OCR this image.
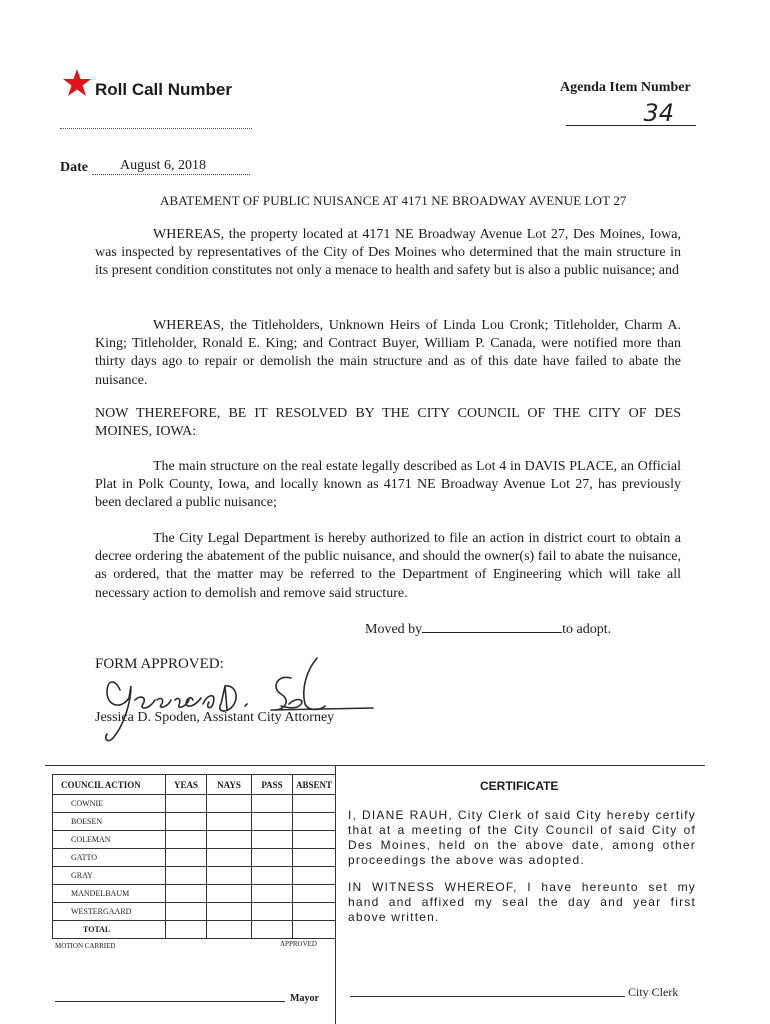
Roll Call Number	Agenda Item Number
34
Date	August 6, 2018
ABATEMENT OF PUBLIC NUISANCE AT 4171 NE BROADWAY AVENUE LOT 27

WHEREAS, the property located at 4171 NE Broadway Avenue Lot 27, Des Moines, Iowa, was inspected by representatives of the City of Des Moines who determined that the main structure in its present condition constitutes not only a menace to health and safety but is also a public nuisance; and

WHEREAS, the Titleholders, Unknown Heirs of Linda Lou Cronk; Titleholder, Charm A. King; Titleholder, Ronald E. King; and Contract Buyer, William P. Canada, were notified more than thirty days ago to repair or demolish the main structure and as of this date have failed to abate the nuisance.

NOW THEREFORE, BE IT RESOLVED BY THE CITY COUNCIL OF THE CITY OF DES MOINES, IOWA:

The main structure on the real estate legally described as Lot 4 in DAVIS PLACE, an Official Plat in Polk County, Iowa, and locally known as 4171 NE Broadway Avenue Lot 27, has previously been declared a public nuisance;

The City Legal Department is hereby authorized to file an action in district court to obtain a decree ordering the abatement of the public nuisance, and should the owner(s) fail to abate the nuisance, as ordered, that the matter may be referred to the Department of Engineering which will take all necessary action to demolish and remove said structure.

Moved by	to adopt.
FORM APPROVED:
Jessica D. Spoden, Assistant City Attorney
COUNCIL ACTION	YEAS	NAYS	PASS	ABSENT
COWNIE				
BOESEN				
COLEMAN				
GATTO				
GRAY				
MANDELBAUM				
WESTERGAARD				
TOTAL				
MOTION CARRIED	APPROVED
Mayor
CERTIFICATE

I, DIANE RAUH, City Clerk of said City hereby certify that at a meeting of the City Council of said City of Des Moines, held on the above date, among other proceedings the above was adopted.

IN WITNESS WHEREOF, I have hereunto set my hand and affixed my seal the day and year first above written.

City Clerk
